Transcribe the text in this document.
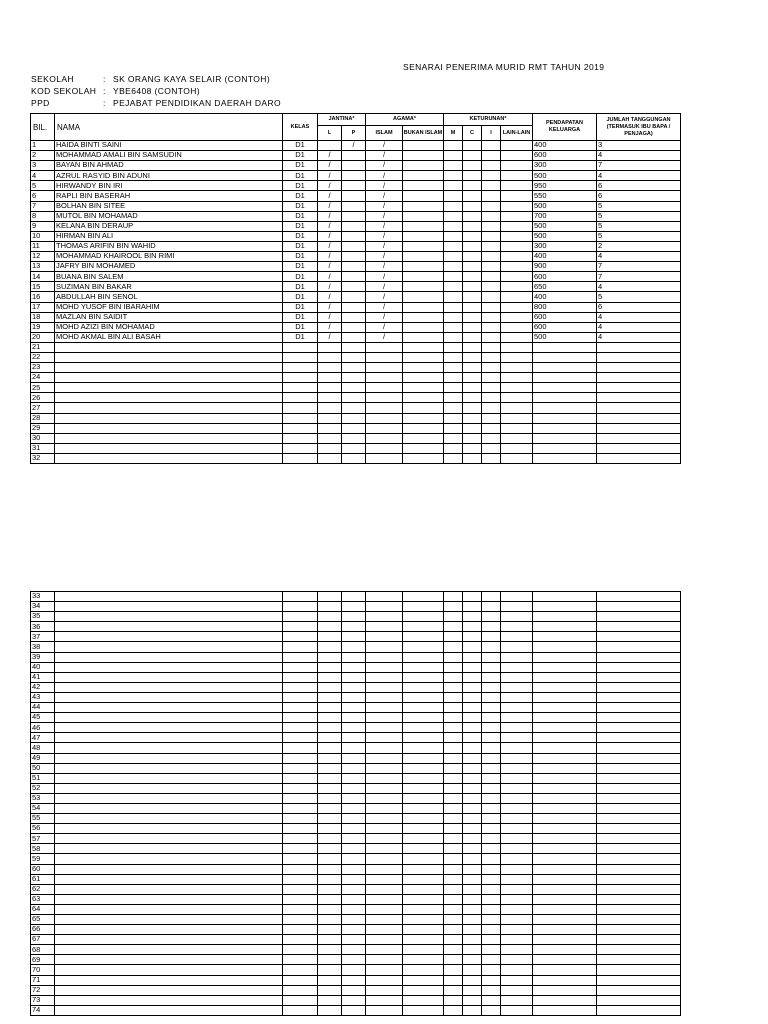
SENARAI PENERIMA MURID RMT TAHUN 2019
SEKOLAH	: SK ORANG KAYA SELAIR (CONTOH)
KOD SEKOLAH : YBE6408 (CONTOH)
PPD	: PEJABAT PENDIDIKAN DAERAH DARO
BIL.	NAMA	KELAS	JANTINA*		AGAMA*		KETURUNAN*				PENDAPATAN KELUARGA	JUMLAH TANGGUNGAN (TERMASUK IBU BAPA / PENJAGA)
			L	P	ISLAM	BUKAN ISLAM	M	C	I	LAIN-LAIN		
1	HAIDA BINTI SAINI	D1		/	/						400	3
2	MOHAMMAD AMALI BIN SAMSUDIN	D1	/		/						600	4
3	BAYAN BIN AHMAD	D1	/		/						300	7
4	AZRUL RASYID BIN ADUNI	D1	/		/						500	4
5	HIRWANDY BIN IRI	D1	/		/						950	6
6	RAPLI BIN BASERAH	D1	/		/						550	6
7	BOLHAN BIN SITEE	D1	/		/						500	5
8	MUTOL BIN MOHAMAD	D1	/		/						700	5
9	KELANA BIN DERAUP	D1	/		/						500	5
10	HIRMAN BIN ALI	D1	/		/						500	5
11	THOMAS ARIFIN BIN WAHID	D1	/		/						300	2
12	MOHAMMAD KHAIROOL BIN RIMI	D1	/		/						400	4
13	JAFRY BIN MOHAMED	D1	/		/						900	7
14	BUANA BIN SALEM	D1	/		/						600	7
15	SUZIMAN BIN BAKAR	D1	/		/						650	4
16	ABDULLAH BIN SENOL	D1	/		/						400	5
17	MOHD YUSOF BIN IBARAHIM	D1	/		/						800	6
18	MAZLAN BIN SAIDIT	D1	/		/						600	4
19	MOHD AZIZI BIN MOHAMAD	D1	/		/						600	4
20	MOHD AKMAL BIN ALI BASAH	D1	/		/						500	4
21												
22												
23												
24												
25												
26												
27												
28												
29												
30												
31												
32												
33												
34												
35												
36												
37												
38												
39												
40												
41												
42												
43												
44												
45												
46												
47												
48												
49												
50												
51												
52												
53												
54												
55												
56												
57												
58												
59												
60												
61												
62												
63												
64												
65												
66												
67												
68												
69												
70												
71												
72												
73												
74												
